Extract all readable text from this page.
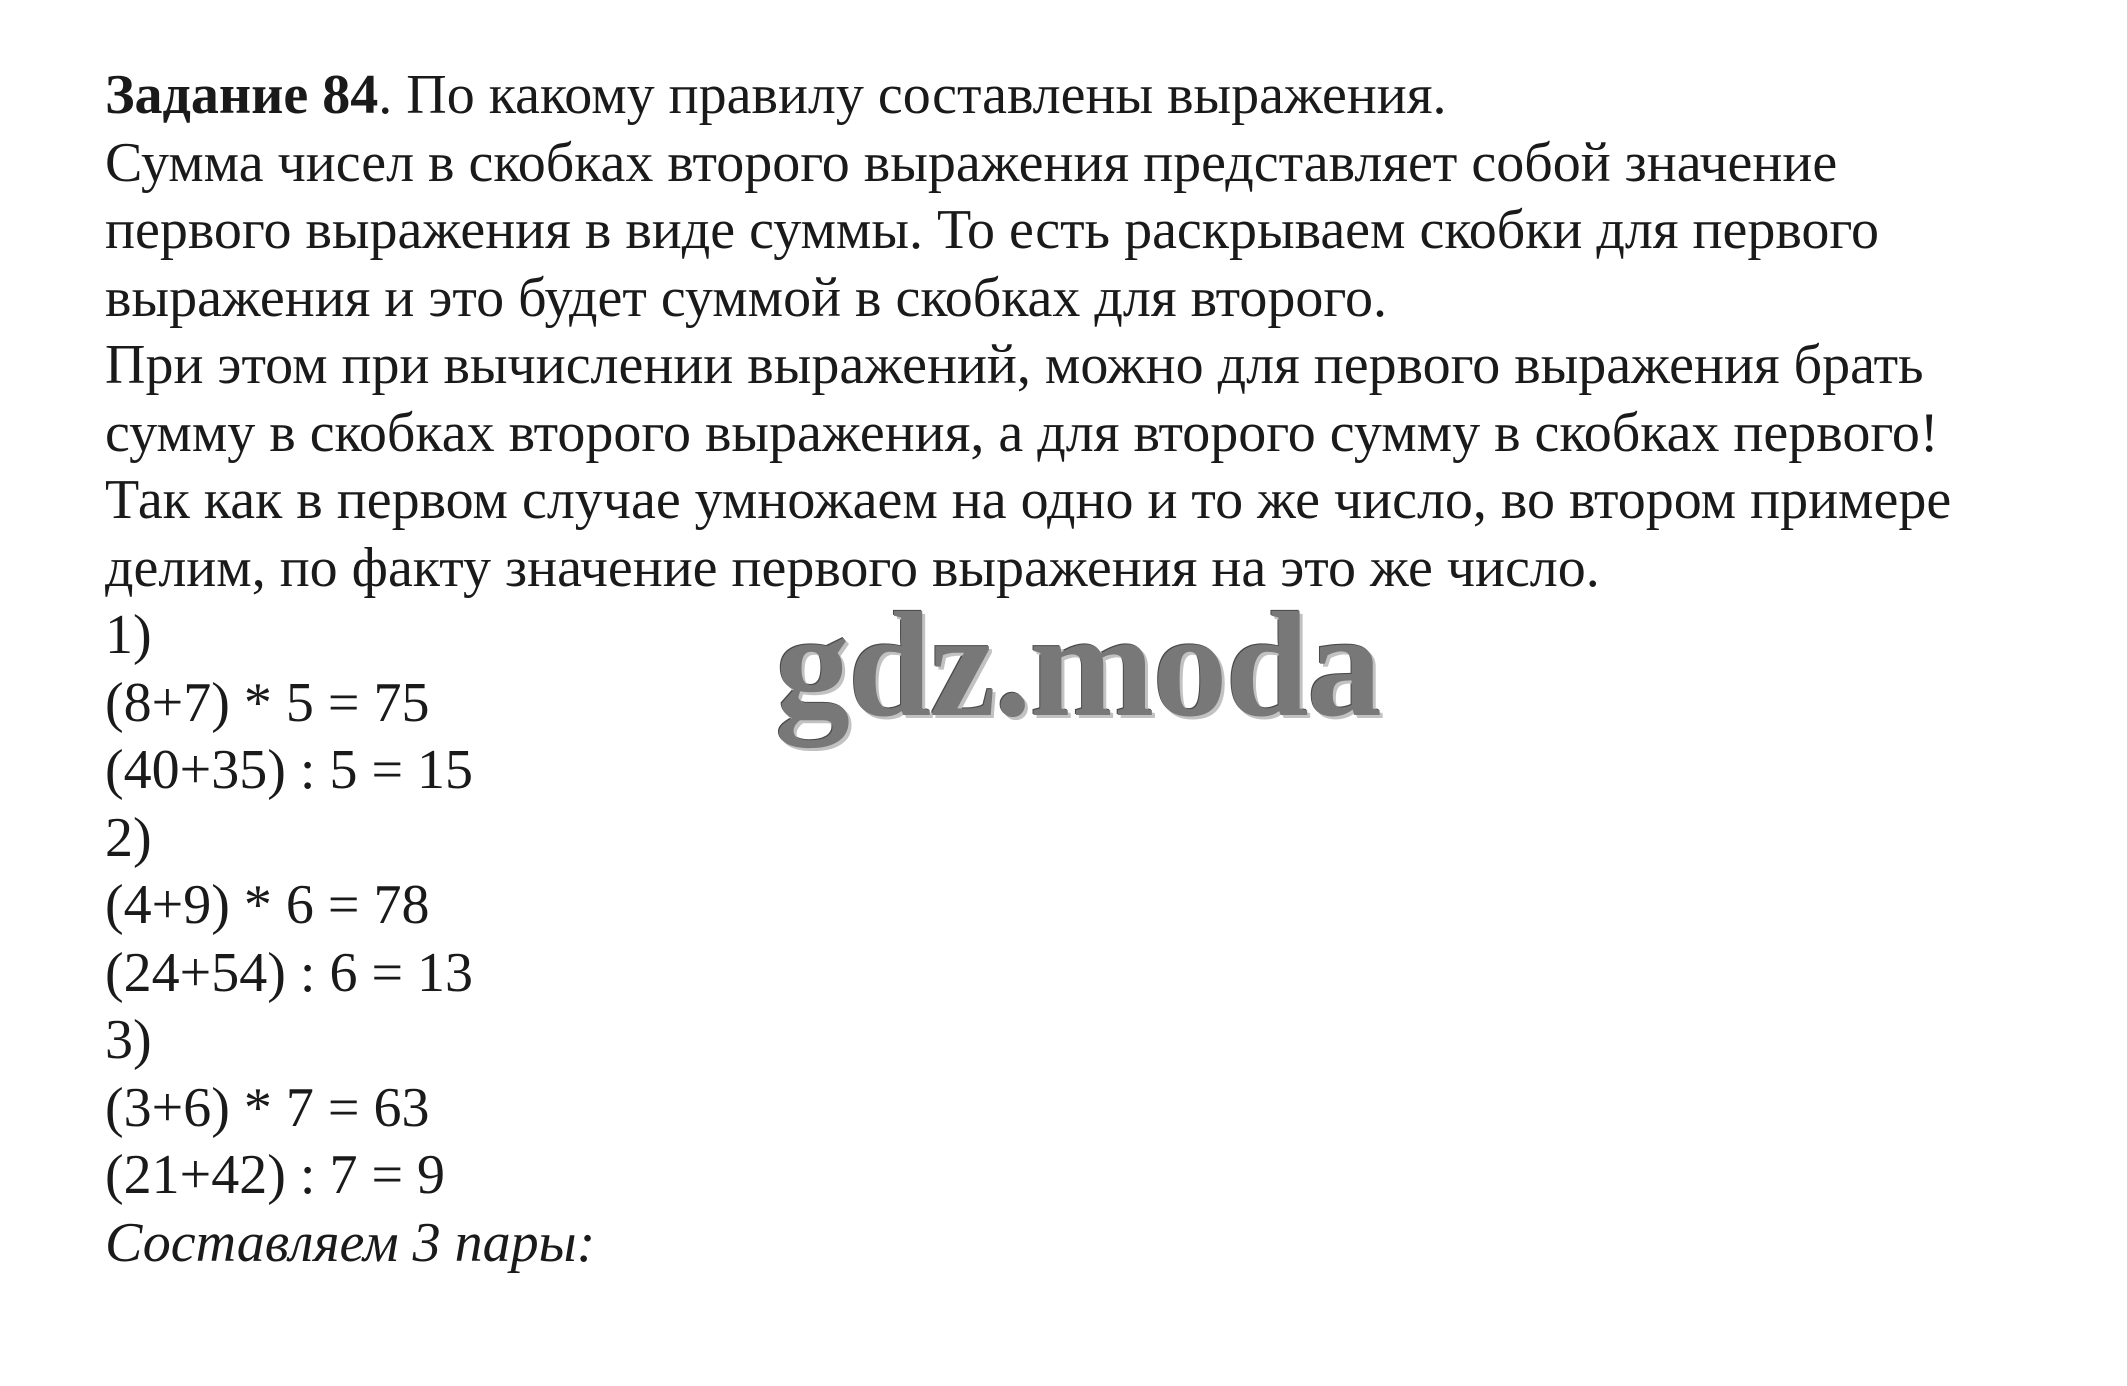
Задание 84. По какому правилу составлены выражения.
Сумма чисел в скобках второго выражения представляет собой значение
первого выражения в виде суммы. То есть раскрываем скобки для первого
выражения и это будет суммой в скобках для второго.
При этом при вычислении выражений, можно для первого выражения брать
сумму в скобках второго выражения, а для второго сумму в скобках первого!
Так как в первом случае умножаем на одно и то же число, во втором примере
делим, по факту значение первого выражения на это же число.
1)
(8+7) * 5 = 75
(40+35) : 5 = 15
2)
(4+9) * 6 = 78
(24+54) : 6 = 13
3)
(3+6) * 7 = 63
(21+42) : 7 = 9
Составляем 3 пары:
gdz.moda
